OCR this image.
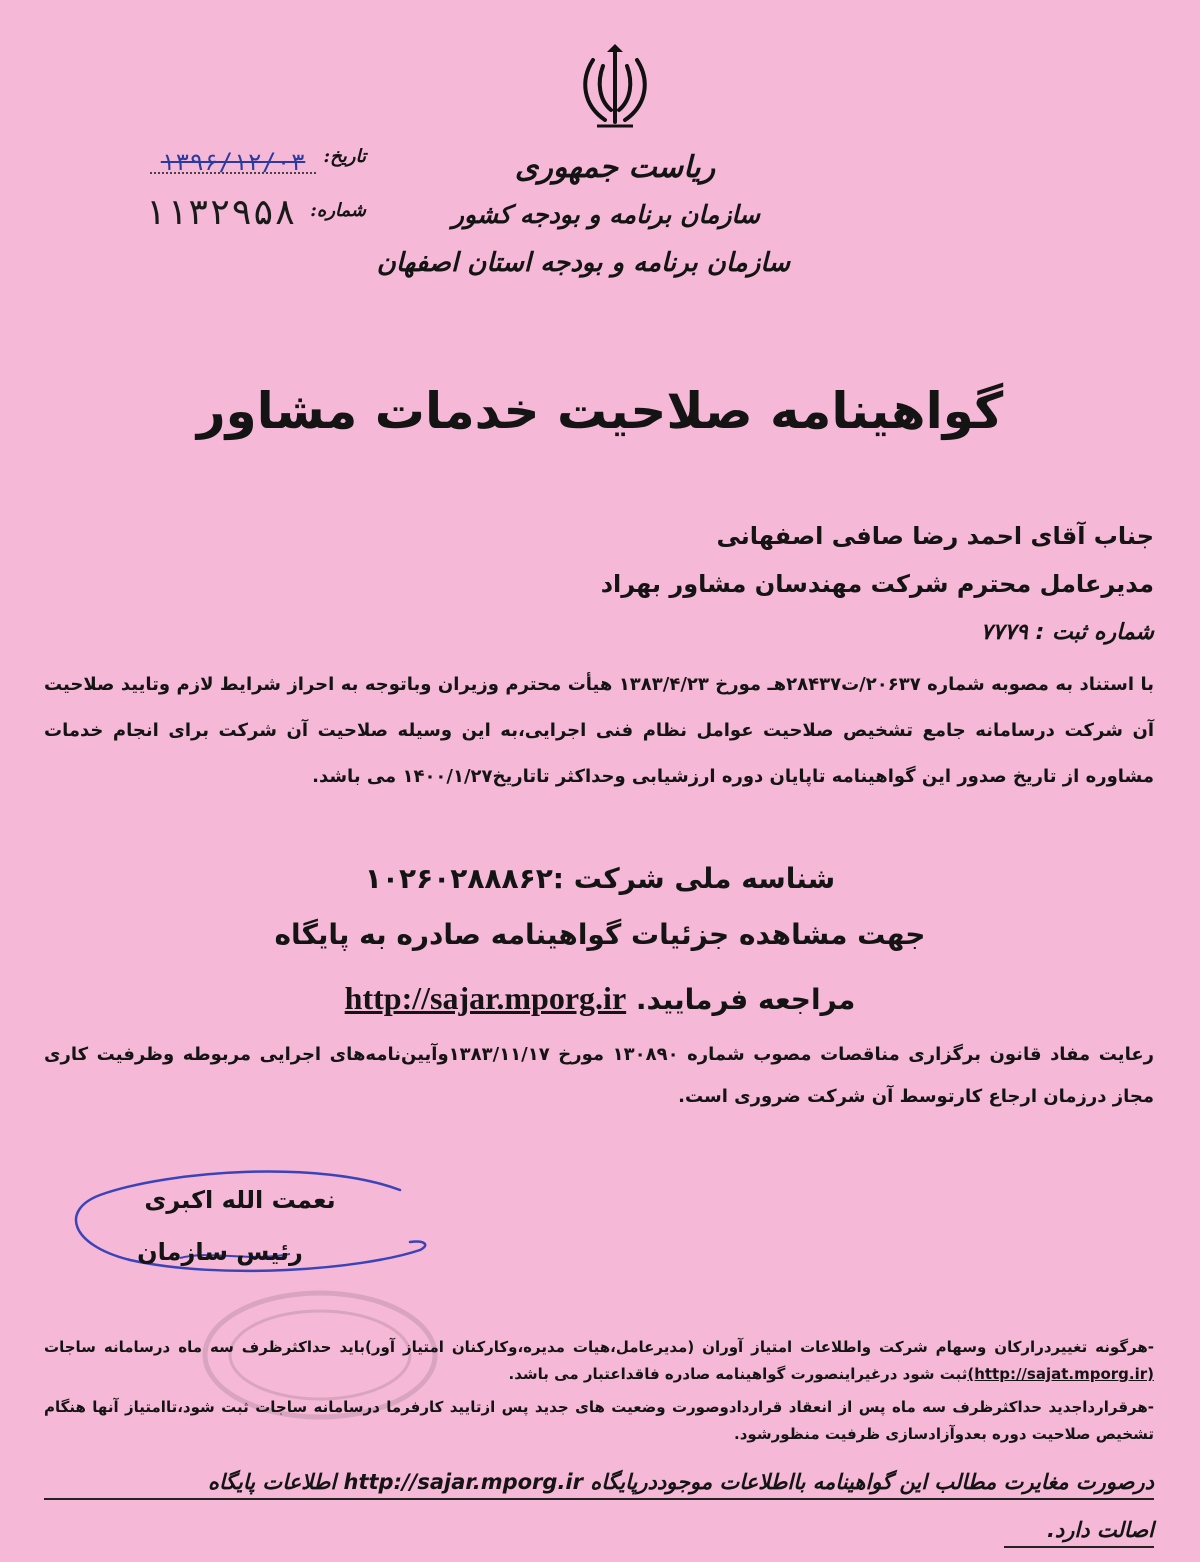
ریاست جمهوری
سازمان برنامه و بودجه کشور
سازمان برنامه و بودجه استان اصفهان
تاریخ:
۱۳۹۶/۱۲/۰۳
شماره:
۱۱۳۲۹۵۸
گواهینامه صلاحیت خدمات مشاور
جناب آقای احمد رضا صافی اصفهانی
مدیرعامل محترم شرکت مهندسان مشاور بهراد
شماره ثبت : ۷۷۷۹
با استناد به مصوبه شماره ۲۰۶۳۷/ت۲۸۴۳۷هـ مورخ ۱۳۸۳/۴/۲۳ هیأت محترم وزیران وباتوجه به احراز شرایط لازم وتایید صلاحیت آن شرکت درسامانه جامع تشخیص صلاحیت عوامل نظام فنی اجرایی،به این وسیله صلاحیت آن شرکت برای انجام خدمات مشاوره از تاریخ صدور این گواهینامه تاپایان دوره ارزشیابی وحداکثر تاتاریخ۱۴۰۰/۱/۲۷ می باشد.
شناسه ملی شرکت :۱۰۲۶۰۲۸۸۸۶۲
جهت مشاهده جزئیات گواهینامه صادره به پایگاه
مراجعه فرمایید. http://sajar.mporg.ir
رعایت مفاد قانون برگزاری مناقصات مصوب شماره ۱۳۰۸۹۰ مورخ ۱۳۸۳/۱۱/۱۷وآیین‌نامه‌های اجرایی مربوطه وظرفیت کاری مجاز درزمان ارجاع کارتوسط آن شرکت ضروری است.
نعمت الله اکبری
رئیس سازمان
-هرگونه تغییردرارکان وسهام شرکت واطلاعات امتیاز آوران (مدیرعامل،هیات مدیره،وکارکنان امتیاز آور)باید حداکثرظرف سه ماه درسامانه ساجات (http://sajat.mporg.ir)ثبت شود درغیراینصورت گواهینامه صادره فاقداعتبار می باشد.
-هرقرارداجدید حداکثرظرف سه ماه پس از انعقاد قراردادوصورت وضعیت های جدید پس ازتایید کارفرما درسامانه ساجات ثبت شود،تاامتیاز آنها هنگام تشخیص صلاحیت دوره بعدوآزادسازی ظرفیت منظورشود.
درصورت مغایرت مطالب این گواهینامه بااطلاعات موجوددرپایگاه http://sajar.mporg.ir اطلاعات پایگاه
اصالت دارد.
